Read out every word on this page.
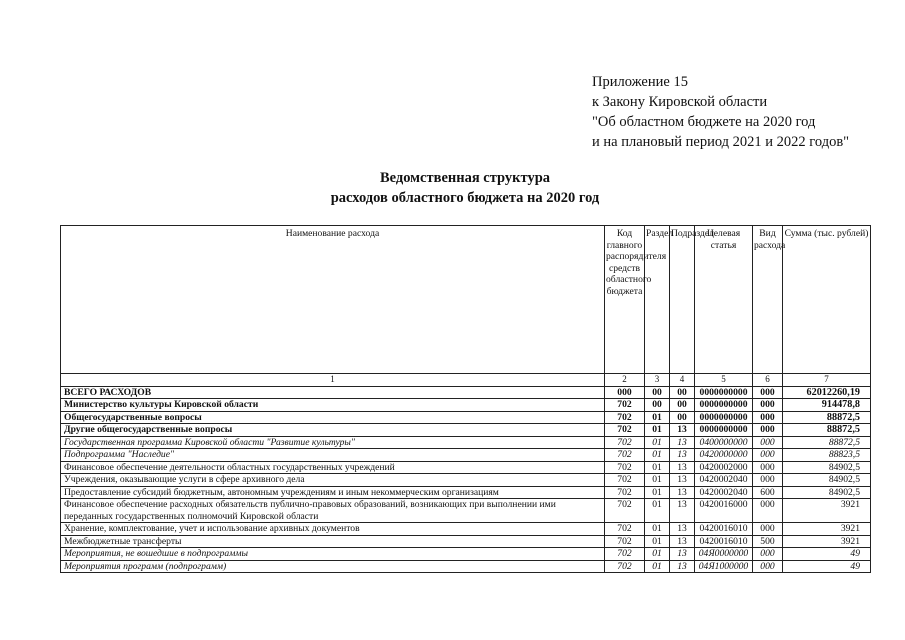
Приложение 15
к Закону Кировской области
"Об областном бюджете на 2020 год
и на плановый период 2021 и 2022 годов"
Ведомственная структура
расходов областного бюджета на 2020 год
Наименование расхода	Код главного распорядителя средств областного бюджета	Раздел	Подраздел	Целевая статья	Вид расхода	Сумма (тыс. рублей)

1	2	3	4	5	6	7
ВСЕГО РАСХОДОВ	000	00	00	0000000000	000	62012260,19
Министерство культуры Кировской области	702	00	00	0000000000	000	914478,8
Общегосударственные вопросы	702	01	00	0000000000	000	88872,5
Другие общегосударственные вопросы	702	01	13	0000000000	000	88872,5
Государственная программа Кировской области "Развитие культуры"	702	01	13	0400000000	000	88872,5
Подпрограмма "Наследие"	702	01	13	0420000000	000	88823,5
Финансовое обеспечение деятельности областных государственных учреждений	702	01	13	0420002000	000	84902,5
Учреждения, оказывающие услуги в сфере архивного дела	702	01	13	0420002040	000	84902,5
Предоставление субсидий бюджетным, автономным учреждениям и иным некоммерческим организациям	702	01	13	0420002040	600	84902,5
Финансовое обеспечение расходных обязательств публично-правовых образований, возникающих при выполнении ими переданных государственных полномочий Кировской области	702	01	13	0420016000	000	3921
Хранение, комплектование, учет и использование архивных документов	702	01	13	0420016010	000	3921
Межбюджетные трансферты	702	01	13	0420016010	500	3921
Мероприятия, не вошедшие в подпрограммы	702	01	13	04Я0000000	000	49
Мероприятия программ (подпрограмм)	702	01	13	04Я1000000	000	49
